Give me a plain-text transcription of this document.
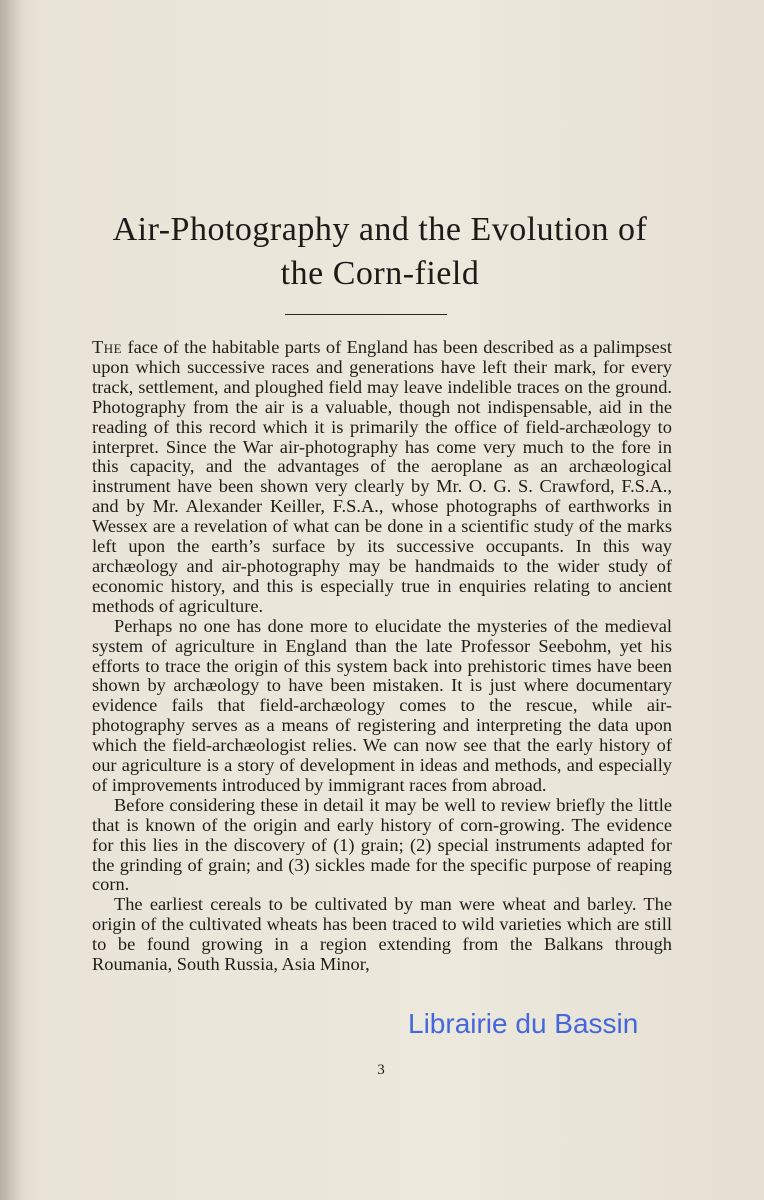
Air-Photography and the Evolution of
the Corn-field

The face of the habitable parts of England has been described as a palimpsest upon which successive races and generations have left their mark, for every track, settlement, and ploughed field may leave indelible traces on the ground. Photography from the air is a valuable, though not indispensable, aid in the reading of this record which it is primarily the office of field-archæology to interpret. Since the War air-photography has come very much to the fore in this capacity, and the advantages of the aeroplane as an archæological instrument have been shown very clearly by Mr. O. G. S. Crawford, F.S.A., and by Mr. Alexander Keiller, F.S.A., whose photographs of earthworks in Wessex are a revelation of what can be done in a scientific study of the marks left upon the earth’s surface by its successive occupants. In this way archæology and air-photography may be handmaids to the wider study of economic history, and this is especially true in enquiries relating to ancient methods of agriculture.

Perhaps no one has done more to elucidate the mysteries of the medieval system of agriculture in England than the late Professor Seebohm, yet his efforts to trace the origin of this system back into prehistoric times have been shown by archæology to have been mistaken. It is just where documentary evidence fails that field-archæology comes to the rescue, while air-photography serves as a means of registering and interpreting the data upon which the field-archæologist relies. We can now see that the early history of our agriculture is a story of development in ideas and methods, and especially of improvements introduced by immigrant races from abroad.

Before considering these in detail it may be well to review briefly the little that is known of the origin and early history of corn-growing. The evidence for this lies in the discovery of (1) grain; (2) special instruments adapted for the grinding of grain; and (3) sickles made for the specific purpose of reaping corn.

The earliest cereals to be cultivated by man were wheat and barley. The origin of the cultivated wheats has been traced to wild varieties which are still to be found growing in a region extending from the Balkans through Roumania, South Russia, Asia Minor,

3
Librairie du Bassin
